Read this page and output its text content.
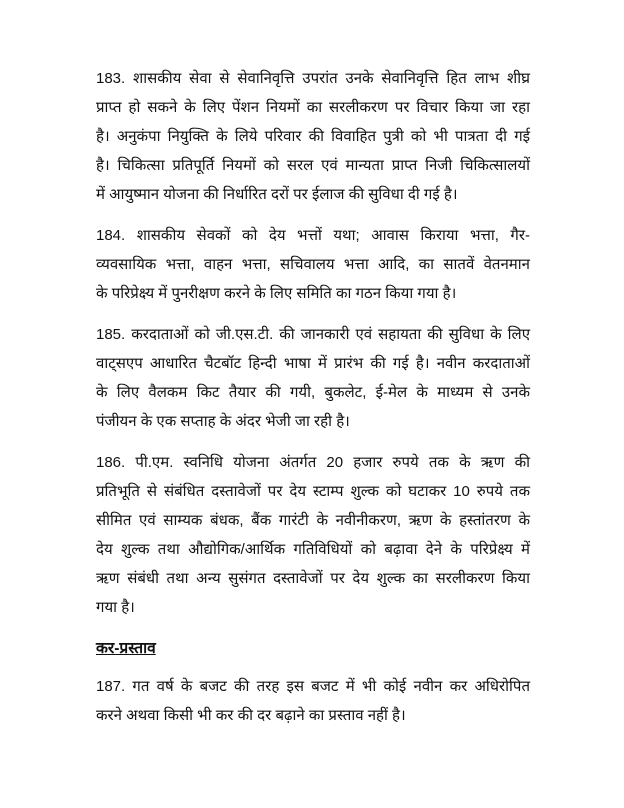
183. शासकीय सेवा से सेवानिवृत्ति उपरांत उनके सेवानिवृत्ति हित लाभ शीघ्र
प्राप्त हो सकने के लिए पेंशन नियमों का सरलीकरण पर विचार किया जा रहा
है। अनुकंपा नियुक्ति के लिये परिवार की विवाहित पुत्री को भी पात्रता दी गई
है। चिकित्सा प्रतिपूर्ति नियमों को सरल एवं मान्यता प्राप्त निजी चिकित्सालयों
में आयुष्मान योजना की निर्धारित दरों पर ईलाज की सुविधा दी गई है।
184. शासकीय सेवकों को देय भत्तों यथा; आवास किराया भत्ता, गैर-
व्यवसायिक भत्ता, वाहन भत्ता, सचिवालय भत्ता आदि, का सातवें वेतनमान
के परिप्रेक्ष्य में पुनरीक्षण करने के लिए समिति का गठन किया गया है।
185. करदाताओं को जी.एस.टी. की जानकारी एवं सहायता की सुविधा के लिए
वाट्सएप आधारित चैटबॉट हिन्दी भाषा में प्रारंभ की गई है। नवीन करदाताओं
के लिए वैलकम किट तैयार की गयी, बुकलेट, ई-मेल के माध्यम से उनके
पंजीयन के एक सप्ताह के अंदर भेजी जा रही है।
186. पी.एम. स्वनिधि योजना अंतर्गत 20 हजार रुपये तक के ऋण की
प्रतिभूति से संबंधित दस्तावेजों पर देय स्टाम्प शुल्क को घटाकर 10 रुपये तक
सीमित एवं साम्यक बंधक, बैंक गारंटी के नवीनीकरण, ऋण के हस्तांतरण के
देय शुल्क तथा औद्योगिक/आर्थिक गतिविधियों को बढ़ावा देने के परिप्रेक्ष्य में
ऋण संबंधी तथा अन्य सुसंगत दस्तावेजों पर देय शुल्क का सरलीकरण किया
गया है।
कर-प्रस्ताव
187. गत वर्ष के बजट की तरह इस बजट में भी कोई नवीन कर अधिरोपित
करने अथवा किसी भी कर की दर बढ़ाने का प्रस्ताव नहीं है।
